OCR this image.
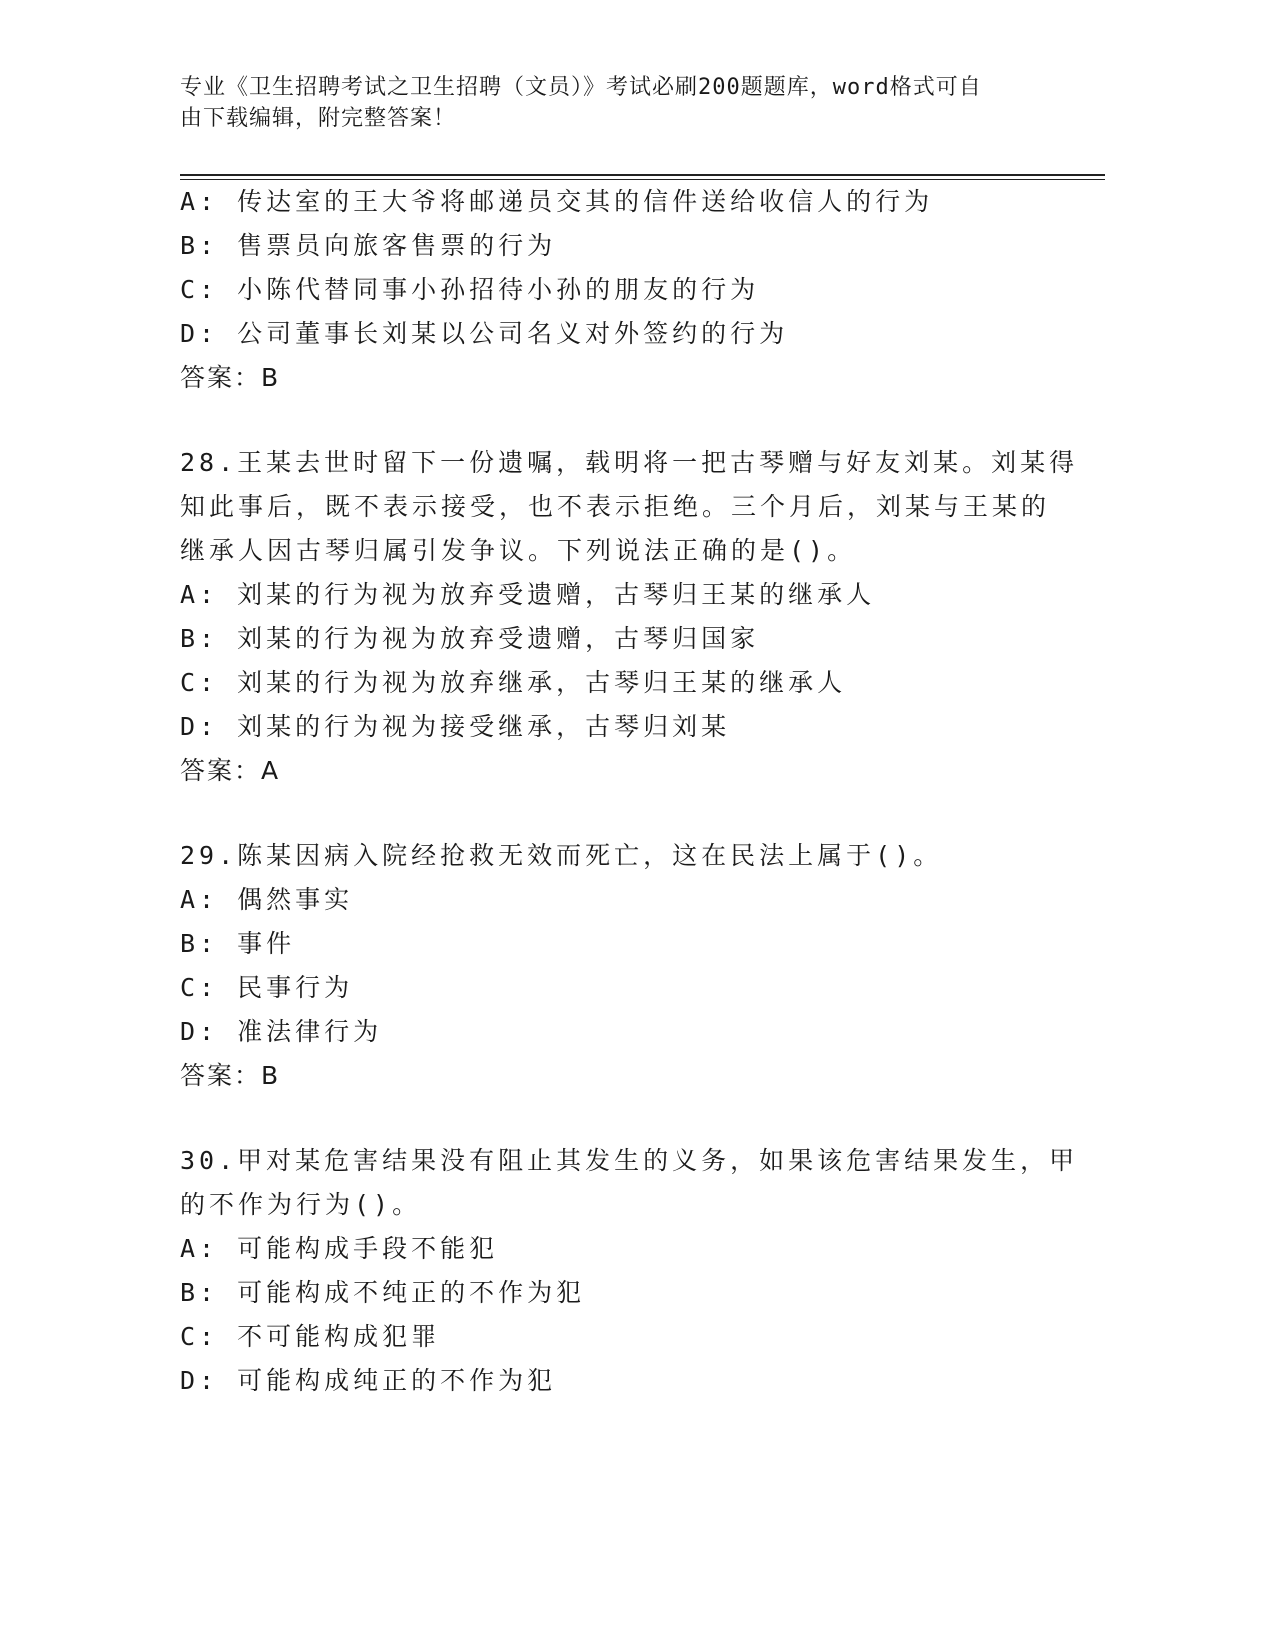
专业《卫生招聘考试之卫生招聘（文员）》考试必刷200题题库，word格式可自
由下载编辑，附完整答案！
A: 传达室的王大爷将邮递员交其的信件送给收信人的行为
B: 售票员向旅客售票的行为
C: 小陈代替同事小孙招待小孙的朋友的行为
D: 公司董事长刘某以公司名义对外签约的行为
答案：B
28.王某去世时留下一份遗嘱，载明将一把古琴赠与好友刘某。刘某得
知此事后，既不表示接受，也不表示拒绝。三个月后，刘某与王某的
继承人因古琴归属引发争议。下列说法正确的是()。
A: 刘某的行为视为放弃受遗赠，古琴归王某的继承人
B: 刘某的行为视为放弃受遗赠，古琴归国家
C: 刘某的行为视为放弃继承，古琴归王某的继承人
D: 刘某的行为视为接受继承，古琴归刘某
答案：A
29.陈某因病入院经抢救无效而死亡，这在民法上属于()。
A: 偶然事实
B: 事件
C: 民事行为
D: 准法律行为
答案：B
30.甲对某危害结果没有阻止其发生的义务，如果该危害结果发生，甲
的不作为行为()。
A: 可能构成手段不能犯
B: 可能构成不纯正的不作为犯
C: 不可能构成犯罪
D: 可能构成纯正的不作为犯
